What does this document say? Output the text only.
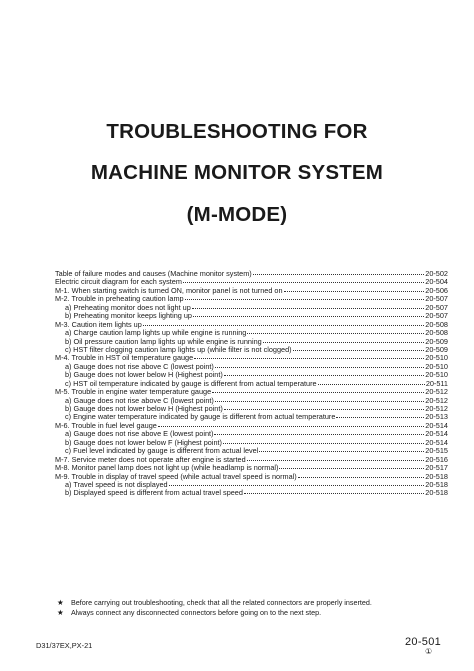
TROUBLESHOOTING FOR
MACHINE MONITOR SYSTEM
(M-MODE)
Table of failure modes and causes (Machine monitor system)	20-502
Electric circuit diagram for each system	20-504
M-1. When starting switch is turned ON, monitor panel is not turned on	20-506
M-2. Trouble in preheating caution lamp	20-507
a) Preheating monitor does not light up	20-507
b) Preheating monitor keeps lighting up	20-507
M-3. Caution item lights up	20-508
a) Charge caution lamp lights up while engine is running	20-508
b) Oil pressure caution lamp lights up while engine is running	20-509
c) HST filter clogging caution lamp lights up (while filter is not clogged)	20-509
M-4. Trouble in HST oil temperature gauge	20-510
a) Gauge does not rise above C (lowest point)	20-510
b) Gauge does not lower below H (Highest point)	20-510
c) HST oil temperature indicated by gauge is different from actual temperature	20-511
M-5. Trouble in engine water temperature gauge	20-512
a) Gauge does not rise above C (lowest point)	20-512
b) Gauge does not lower below H (Highest point)	20-512
c) Engine water temperature indicated by gauge is different from actual temperature	20-513
M-6. Trouble in fuel level gauge	20-514
a) Gauge does not rise above E (lowest point)	20-514
b) Gauge does not lower below F (Highest point)	20-514
c) Fuel level indicated by gauge is different from actual level	20-515
M-7. Service meter does not operate after engine is started	20-516
M-8. Monitor panel lamp does not light up (while headlamp is normal)	20-517
M-9. Trouble in display of travel speed (while actual travel speed is normal)	20-518
a) Travel speed is not displayed	20-518
b) Displayed speed is different from actual travel speed	20-518
★	Before carrying out troubleshooting, check that all the related connectors are properly inserted.
★	Always connect any disconnected connectors before going on to the next step.
D31/37EX,PX-21	20-501
①
